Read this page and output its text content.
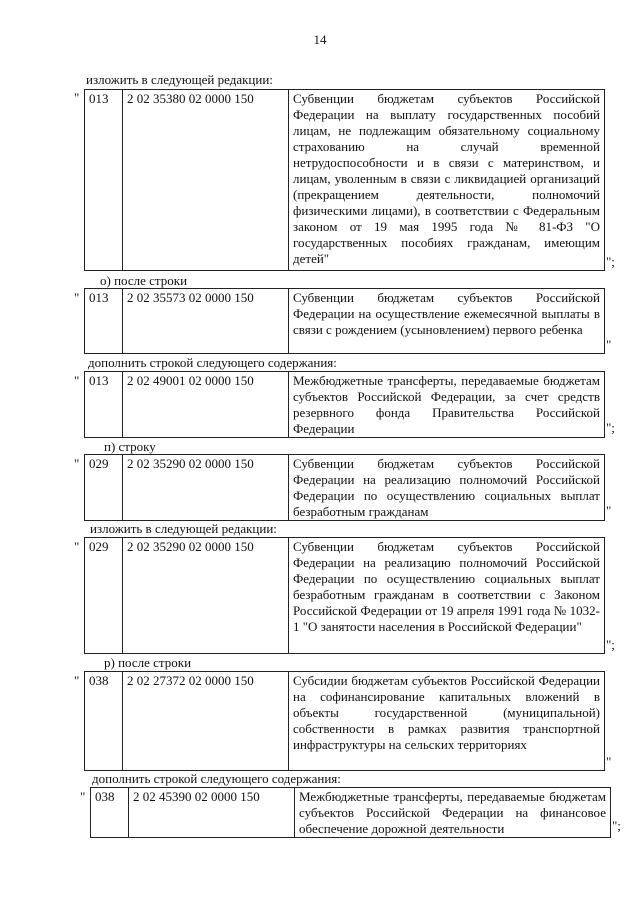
14
изложить в следующей редакции:
" 013	2 02 35380 02 0000 150	Субвенции бюджетам субъектов Российской Федерации на выплату государственных пособий лицам, не подлежащим обязательному социальному страхованию на случай временной нетрудоспособности и в связи с материнством, и лицам, уволенным в связи с ликвидацией организаций (прекращением деятельности, полномочий физическими лицами), в соответствии с Федеральным законом от 19 мая 1995 года № 81-ФЗ "О государственных пособиях гражданам, имеющим детей"	";
о) после строки
" 013	2 02 35573 02 0000 150	Субвенции бюджетам субъектов Российской Федерации на осуществление ежемесячной выплаты в связи с рождением (усыновлением) первого ребенка
"
дополнить строкой следующего содержания:
" 013	2 02 49001 02 0000 150	Межбюджетные трансферты, передаваемые бюджетам субъектов Российской Федерации, за счет средств резервного фонда Правительства Российской Федерации	";
п) строку
" 029	2 02 35290 02 0000 150	Субвенции бюджетам субъектов Российской Федерации на реализацию полномочий Российской Федерации по осуществлению социальных выплат безработным гражданам	"
изложить в следующей редакции:
" 029	2 02 35290 02 0000 150	Субвенции бюджетам субъектов Российской Федерации на реализацию полномочий Российской Федерации по осуществлению социальных выплат безработным гражданам в соответствии с Законом Российской Федерации от 19 апреля 1991 года № 1032-1 "О занятости населения в Российской Федерации"
";
р) после строки
" 038	2 02 27372 02 0000 150	Субсидии бюджетам субъектов Российской Федерации на софинансирование капитальных вложений в объекты государственной (муниципальной) собственности в рамках развития транспортной инфраструктуры на сельских территориях
"
дополнить строкой следующего содержания:
" 038	2 02 45390 02 0000 150	Межбюджетные трансферты, передаваемые бюджетам субъектов Российской Федерации на финансовое обеспечение дорожной деятельности	";
